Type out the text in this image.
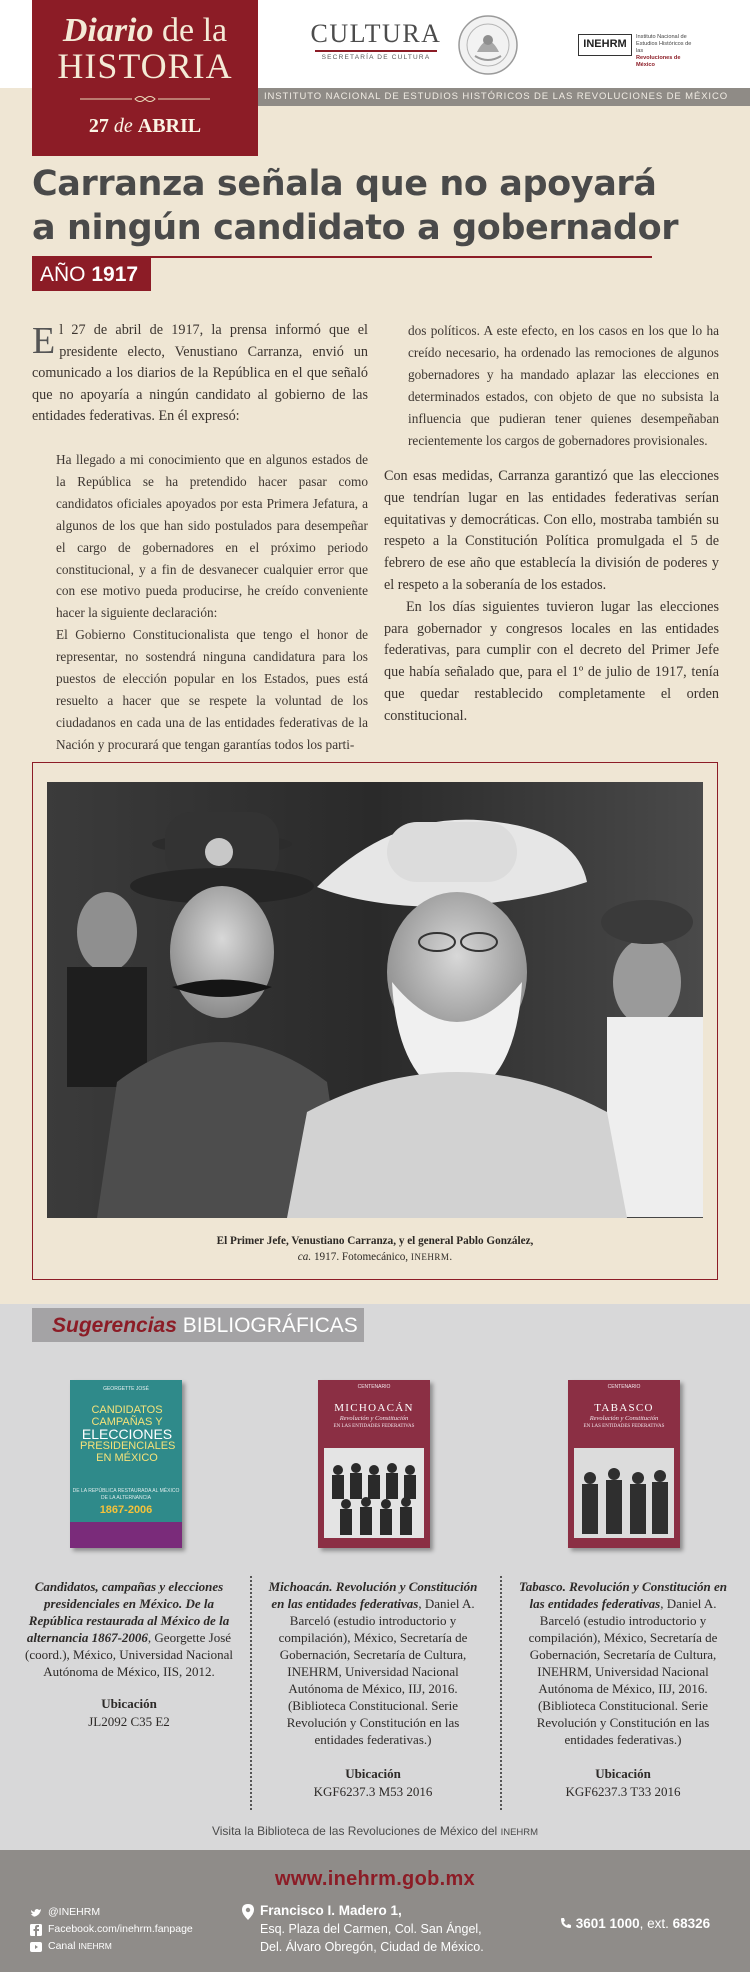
INSTITUTO NACIONAL DE ESTUDIOS HISTÓRICOS DE LAS REVOLUCIONES DE MÉXICO
Diario de la
HISTORIA
27 de ABRIL
CULTURA
SECRETARÍA DE CULTURA
INEHRM
Instituto Nacional de
Estudios Históricos de las
Revoluciones de México
Carranza señala que no apoyará
a ningún candidato a gobernador
AÑO 1917
El 27 de abril de 1917, la prensa informó que el presidente electo, Venustiano Carranza, envió un comunicado a los diarios de la República en el que señaló que no apoyaría a ningún candidato al gobierno de las entidades federativas. En él expresó:

Ha llegado a mi conocimiento que en algunos estados de la República se ha pretendido hacer pasar como candidatos oficiales apoyados por esta Primera Jefatura, a algunos de los que han sido postulados para desempeñar el cargo de gobernadores en el próximo periodo constitucional, y a fin de desvanecer cualquier error que con ese motivo pueda producirse, he creído conveniente hacer la siguiente declaración:

El Gobierno Constitucionalista que tengo el honor de representar, no sostendrá ninguna candidatura para los puestos de elección popular en los Estados, pues está resuelto a hacer que se respete la voluntad de los ciudadanos en cada una de las entidades federativas de la Nación y procurará que tengan garantías todos los parti-

dos políticos. A este efecto, en los casos en los que lo ha creído necesario, ha ordenado las remociones de algunos gobernadores y ha mandado aplazar las elecciones en determinados estados, con objeto de que no subsista la influencia que pudieran tener quienes desempeñaban recientemente los cargos de gobernadores provisionales.

Con esas medidas, Carranza garantizó que las elecciones que tendrían lugar en las entidades federativas serían equitativas y democráticas. Con ello, mostraba también su respeto a la Constitución Política promulgada el 5 de febrero de ese año que establecía la división de poderes y el respeto a la soberanía de los estados.

En los días siguientes tuvieron lugar las elecciones para gobernador y congresos locales en las entidades federativas, para cumplir con el decreto del Primer Jefe que había señalado que, para el 1º de julio de 1917, tenía que quedar restablecido completamente el orden constitucional.

El Primer Jefe, Venustiano Carranza, y el general Pablo González,
ca. 1917. Fotomecánico, INEHRM.
Sugerencias BIBLIOGRÁFICAS
GEORGETTE JOSÉ
CANDIDATOS
CAMPAÑAS Y
ELECCIONES
PRESIDENCIALES
EN MÉXICO
DE LA REPÚBLICA RESTAURADA AL MÉXICO DE LA ALTERNANCIA
1867-2006
CENTENARIO
MICHOACÁN
Revolución y Constitución
EN LAS ENTIDADES FEDERATIVAS
CENTENARIO
TABASCO
Revolución y Constitución
EN LAS ENTIDADES FEDERATIVAS
Candidatos, campañas y elecciones presidenciales en México. De la República restaurada al México de la alternancia 1867-2006, Georgette José (coord.), México, Universidad Nacional Autónoma de México, IIS, 2012.
Michoacán. Revolución y Constitución en las entidades federativas, Daniel A. Barceló (estudio introductorio y compilación), México, Secretaría de Gobernación, Secretaría de Cultura, INEHRM, Universidad Nacional Autónoma de México, IIJ, 2016. (Biblioteca Constitucional. Serie Revolución y Constitución en las entidades federativas.)
Tabasco. Revolución y Constitución en las entidades federativas, Daniel A. Barceló (estudio introductorio y compilación), México, Secretaría de Gobernación, Secretaría de Cultura, INEHRM, Universidad Nacional Autónoma de México, IIJ, 2016. (Biblioteca Constitucional. Serie Revolución y Constitución en las entidades federativas.)
Ubicación
JL2092 C35 E2
Ubicación
KGF6237.3 M53 2016
Ubicación
KGF6237.3 T33 2016
Visita la Biblioteca de las Revoluciones de México del INEHRM
www.inehrm.gob.mx
@INEHRM
Facebook.com/inehrm.fanpage
Canal INEHRM
Francisco I. Madero 1,
Esq. Plaza del Carmen, Col. San Ángel,
Del. Álvaro Obregón, Ciudad de México.
3601 1000, ext. 68326
